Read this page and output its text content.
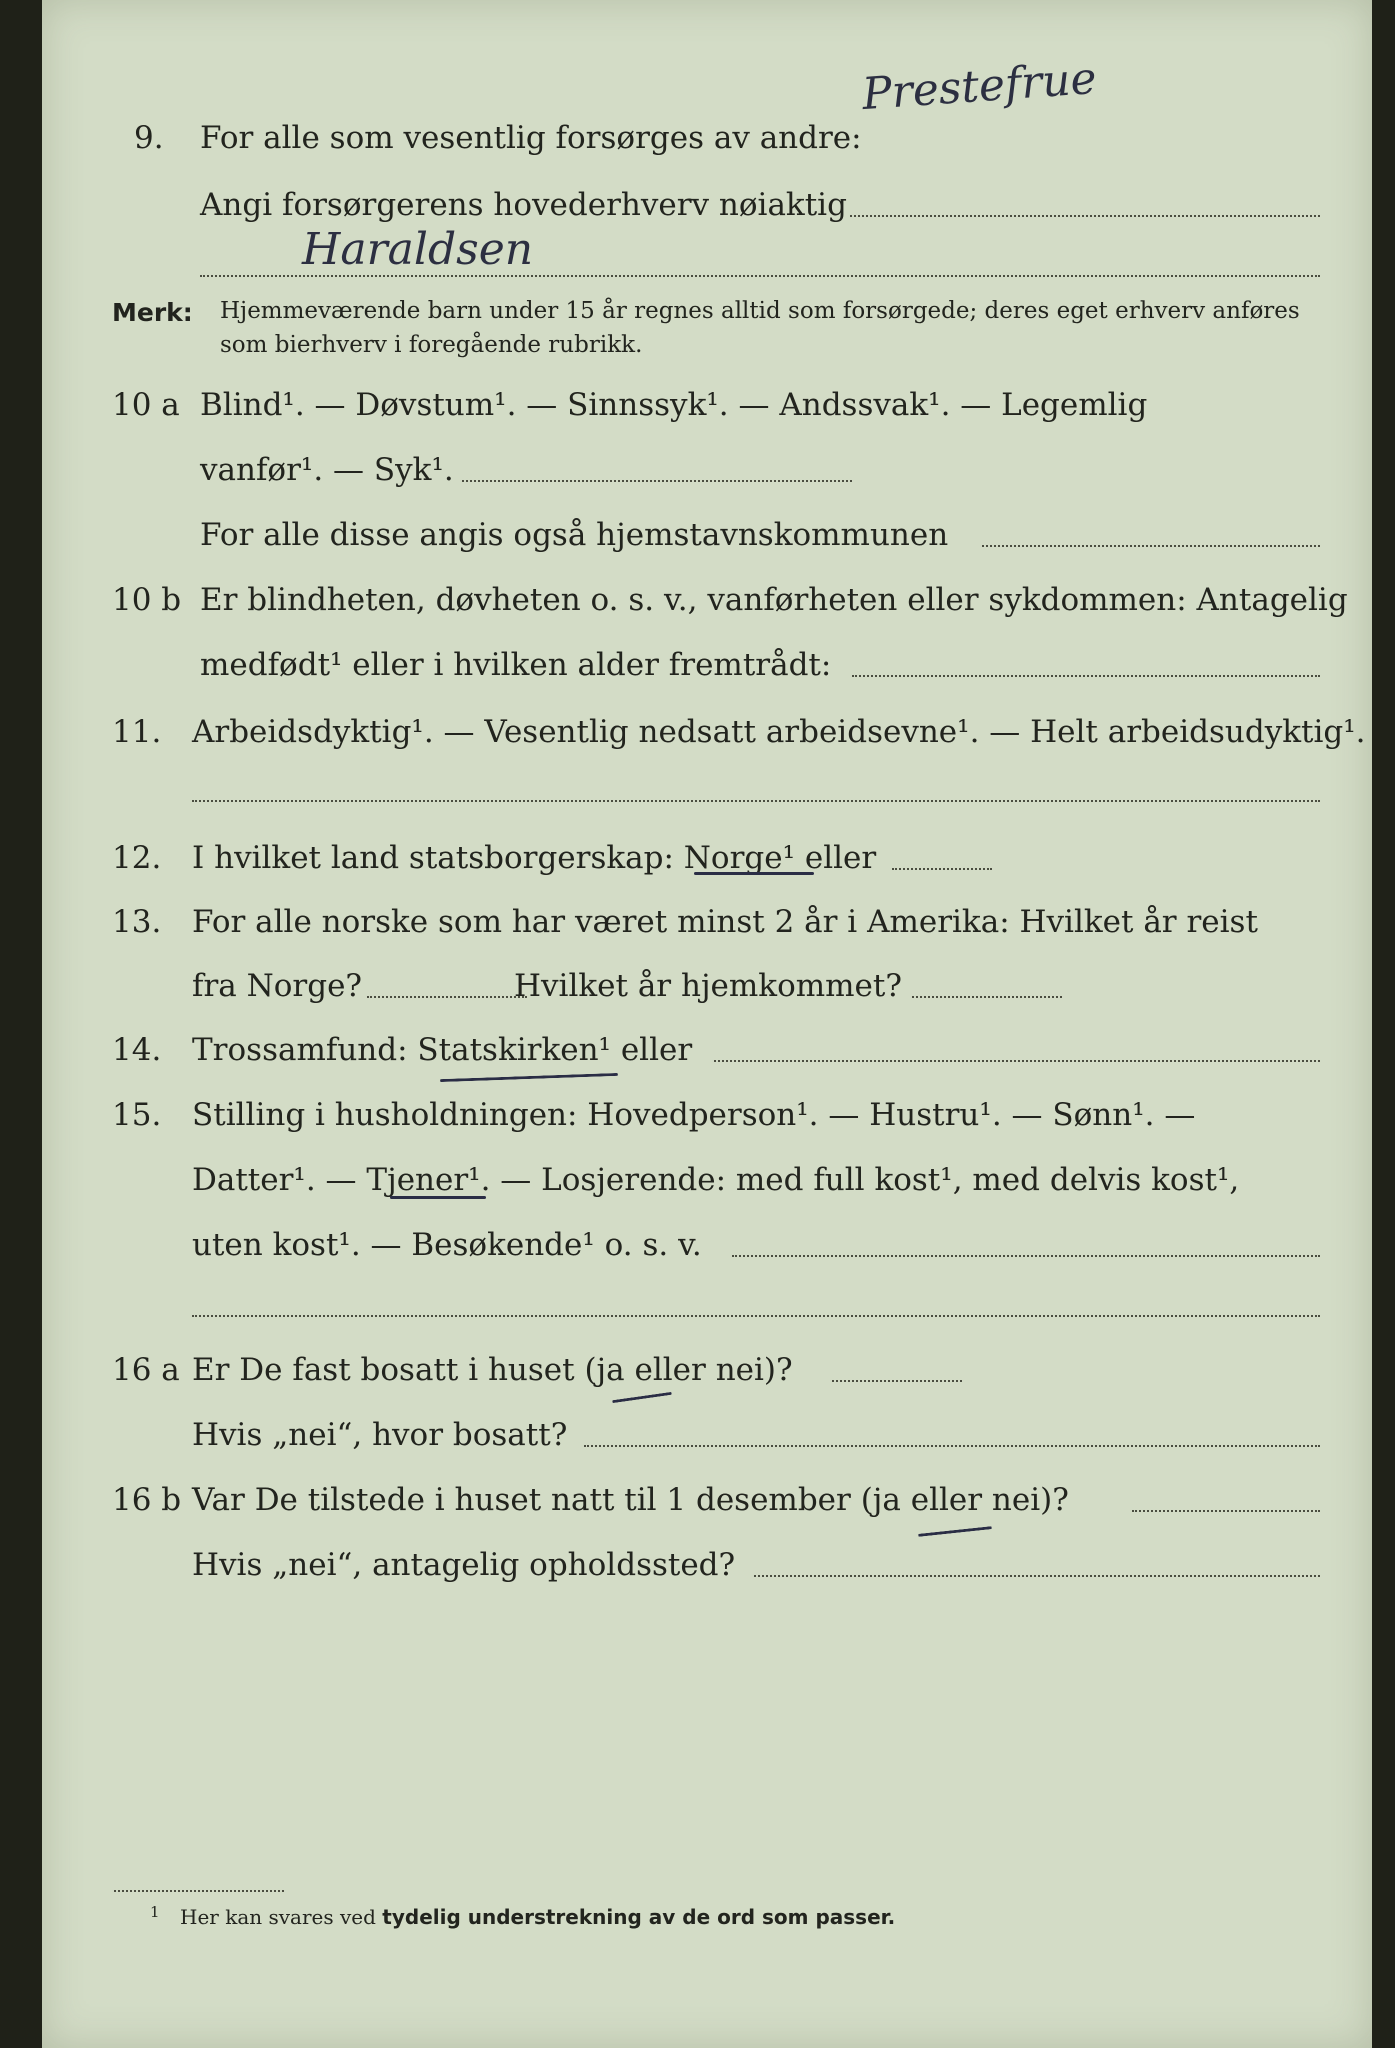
9. For alle som vesentlig forsørges av andre:
Prestefrue
Angi forsørgerens hovederhverv nøiaktig
Haraldsen
Merk: Hjemmeværende barn under 15 år regnes alltid som forsørgede; deres eget erhverv anføres som bierhverv i foregående rubrikk.
10 a Blind¹. — Døvstum¹. — Sinnssyk¹. — Andssvak¹. — Legemlig
vanfør¹. — Syk¹.
For alle disse angis også hjemstavnskommunen
10 b Er blindheten, døvheten o. s. v., vanførheten eller sykdommen: Antagelig
medfødt¹ eller i hvilken alder fremtrådt:
11. Arbeidsdyktig¹. — Vesentlig nedsatt arbeidsevne¹. — Helt arbeidsudyktig¹.
12. I hvilket land statsborgerskap: Norge¹ eller
13. For alle norske som har været minst 2 år i Amerika: Hvilket år reist
fra Norge?	Hvilket år hjemkommet?
14. Trossamfund: Statskirken¹ eller
15. Stilling i husholdningen: Hovedperson¹. — Hustru¹. — Sønn¹. —
Datter¹. — Tjener¹. — Losjerende: med full kost¹, med delvis kost¹,
uten kost¹. — Besøkende¹ o. s. v.
16 a Er De fast bosatt i huset (ja eller nei)?
Hvis „nei“, hvor bosatt?
16 b Var De tilstede i huset natt til 1 desember (ja eller nei)?
Hvis „nei“, antagelig opholdssted?
1 Her kan svares ved tydelig understrekning av de ord som passer.
